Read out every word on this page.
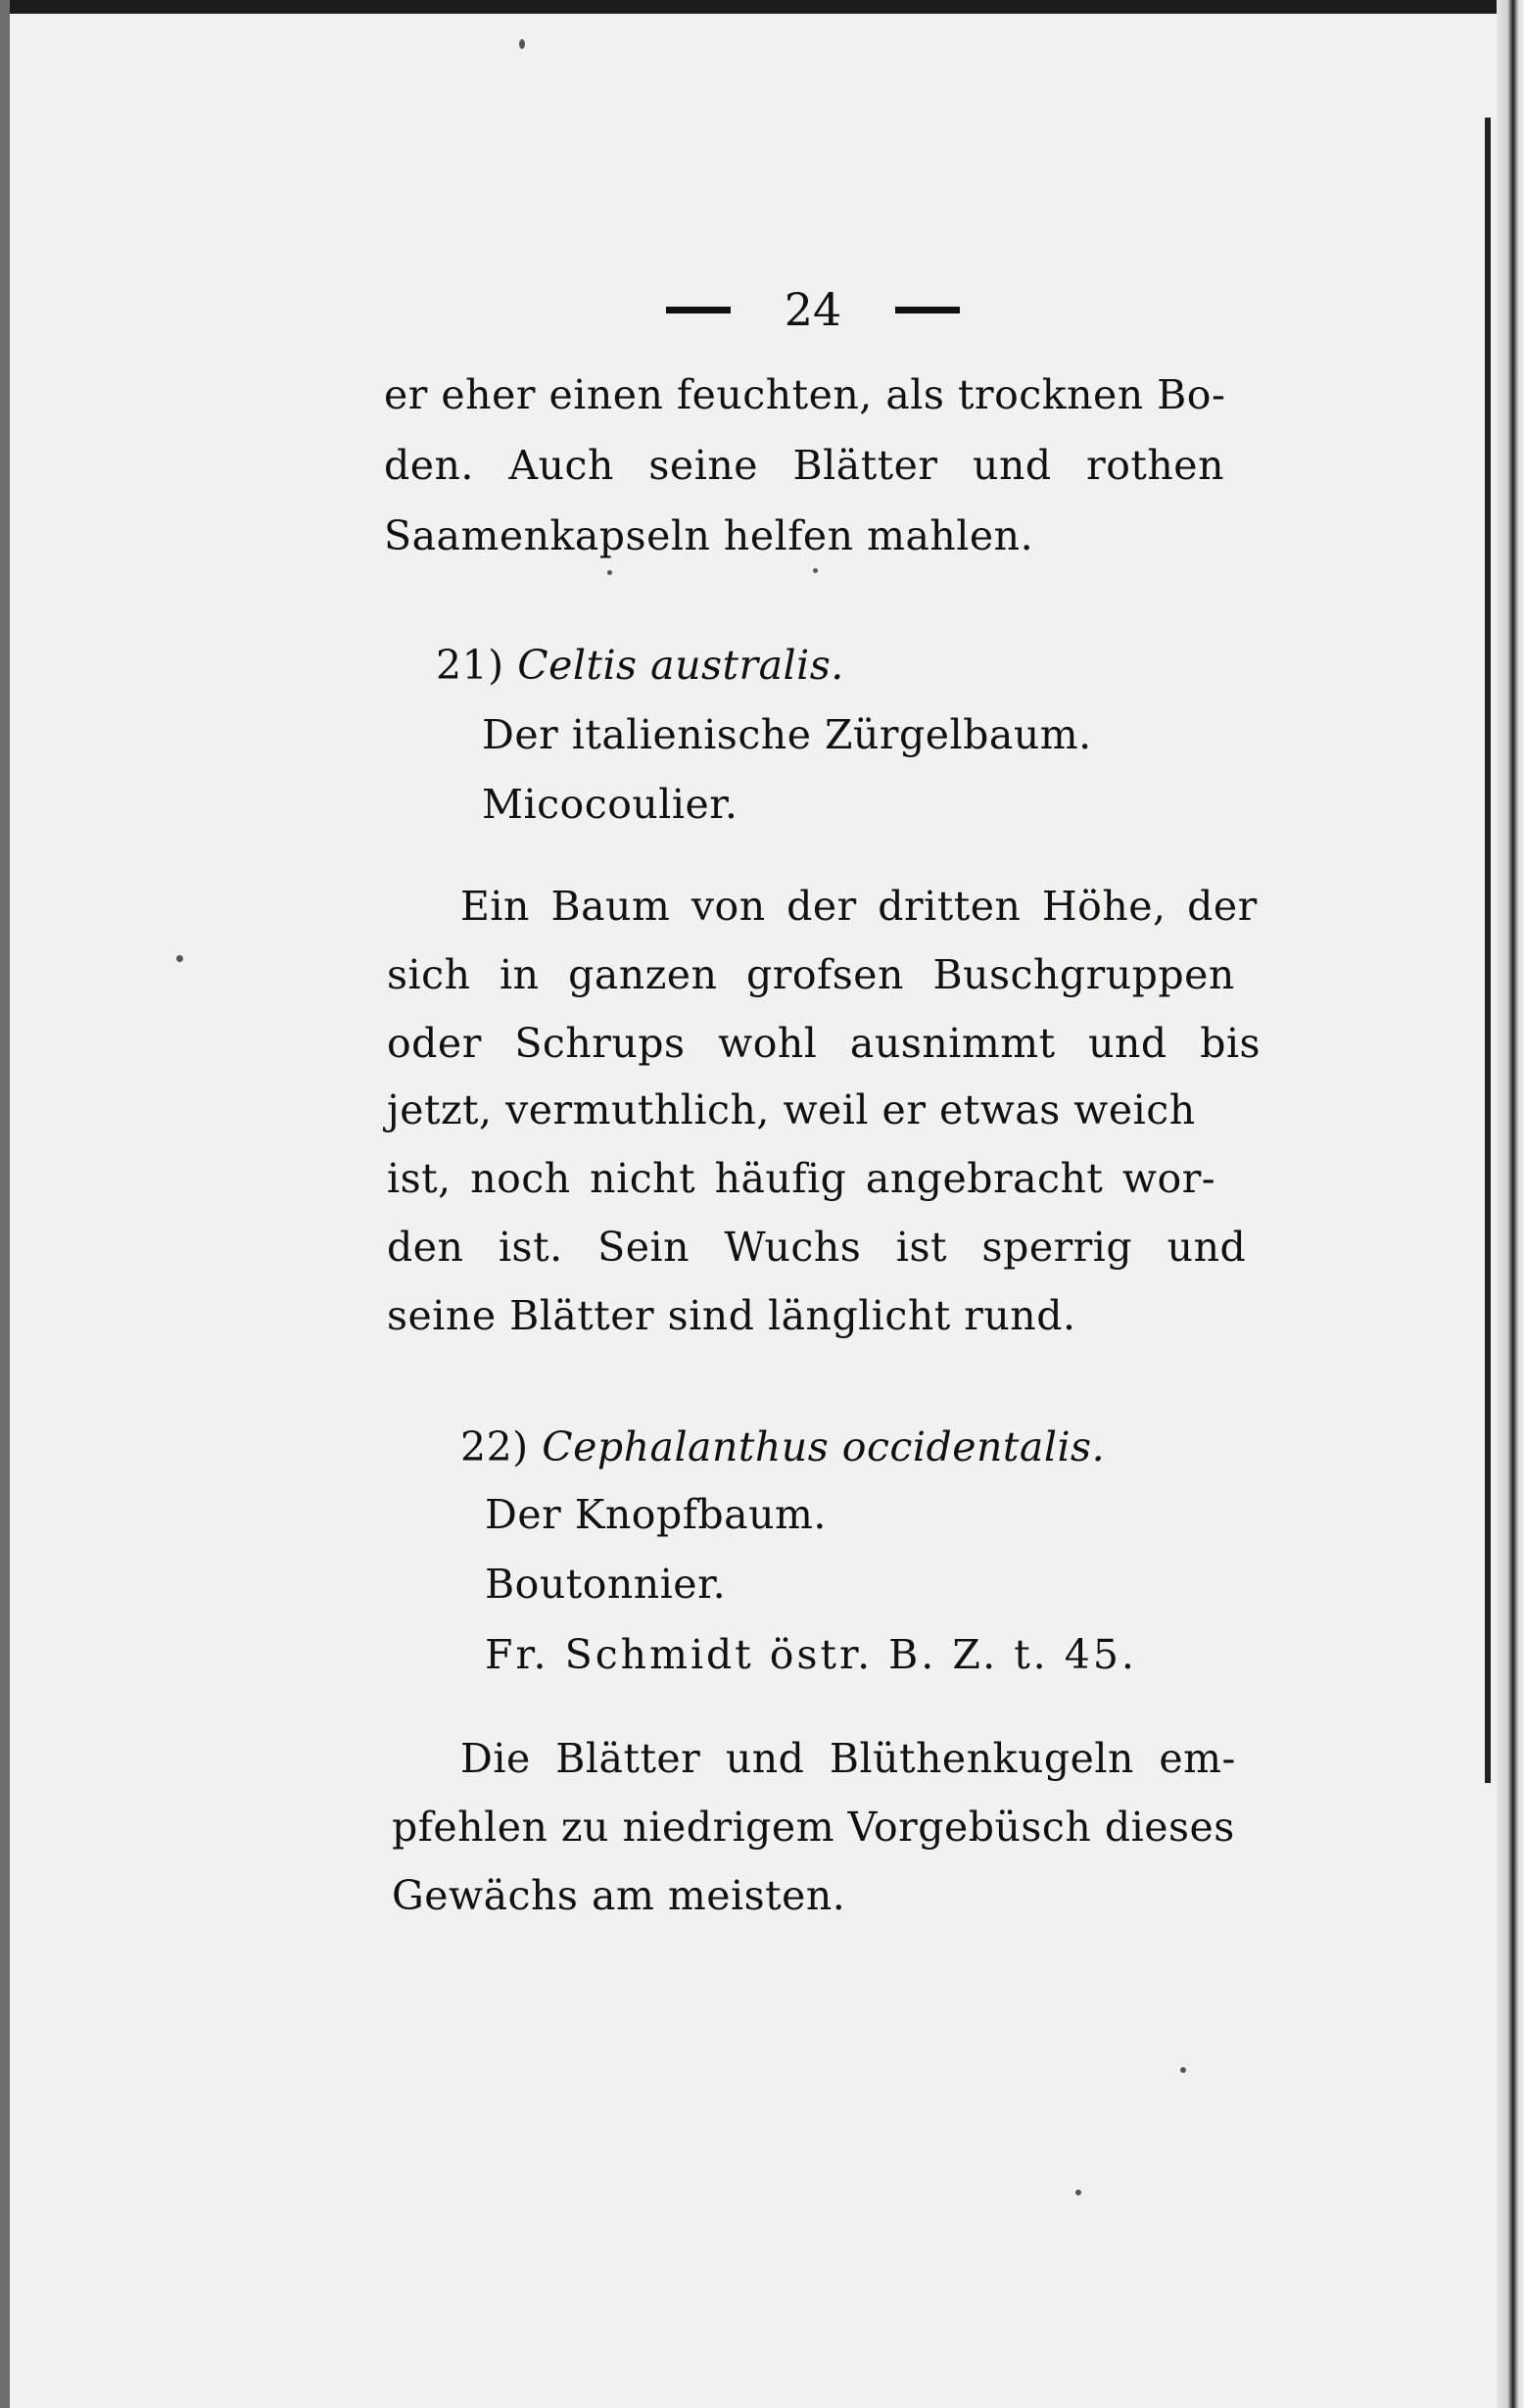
24
er eher einen feuchten, als trocknen Bo-
den. Auch seine Blätter und rothen
Saamenkapseln helfen mahlen.
21) Celtis australis.
Der italienische Zürgelbaum.
Micocoulier.
Ein Baum von der dritten Höhe, der
sich in ganzen grofsen Buschgruppen
oder Schrups wohl ausnimmt und bis
jetzt, vermuthlich, weil er etwas weich
ist, noch nicht häufig angebracht wor-
den ist. Sein Wuchs ist sperrig und
seine Blätter sind länglicht rund.
22) Cephalanthus occidentalis.
Der Knopfbaum.
Boutonnier.
Fr. Schmidt östr. B. Z. t. 45.
Die Blätter und Blüthenkugeln em-
pfehlen zu niedrigem Vorgebüsch dieses
Gewächs am meisten.
